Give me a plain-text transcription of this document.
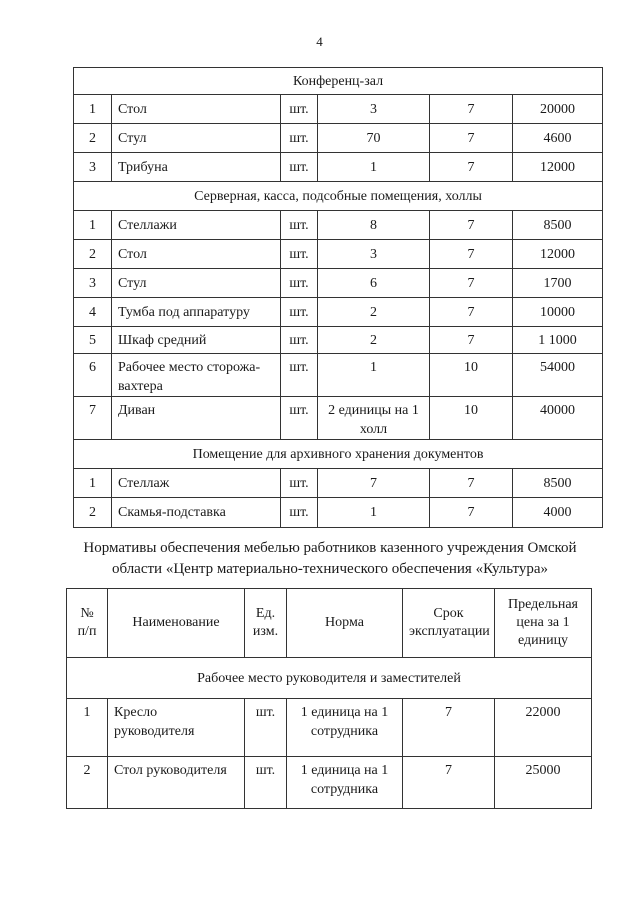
4
Конференц-зал					
1	Стол	шт.	3	7	20000
2	Стул	шт.	70	7	4600
3	Трибуна	шт.	1	7	12000
Серверная, касса, подсобные помещения, холлы					
1	Стеллажи	шт.	8	7	8500
2	Стол	шт.	3	7	12000
3	Стул	шт.	6	7	1700
4	Тумба под аппаратуру	шт.	2	7	10000
5	Шкаф средний	шт.	2	7	1 1000
6	Рабочее место сторожа-вахтера	шт.	1	10	54000
7	Диван	шт.	2 единицы на 1 холл	10	40000
Помещение для архивного хранения документов					
1	Стеллаж	шт.	7	7	8500
2	Скамья-подставка	шт.	1	7	4000
Нормативы обеспечения мебелью работников казенного учреждения Омской области «Центр материально-технического обеспечения «Культура»
№ п/п	Наименование	Ед. изм.	Норма	Срок эксплуатации	Предельная цена за 1 единицу
Рабочее место руководителя и заместителей					
1	Кресло руководителя	шт.	1 единица на 1 сотрудника	7	22000
2	Стол руководителя	шт.	1 единица на 1 сотрудника	7	25000
